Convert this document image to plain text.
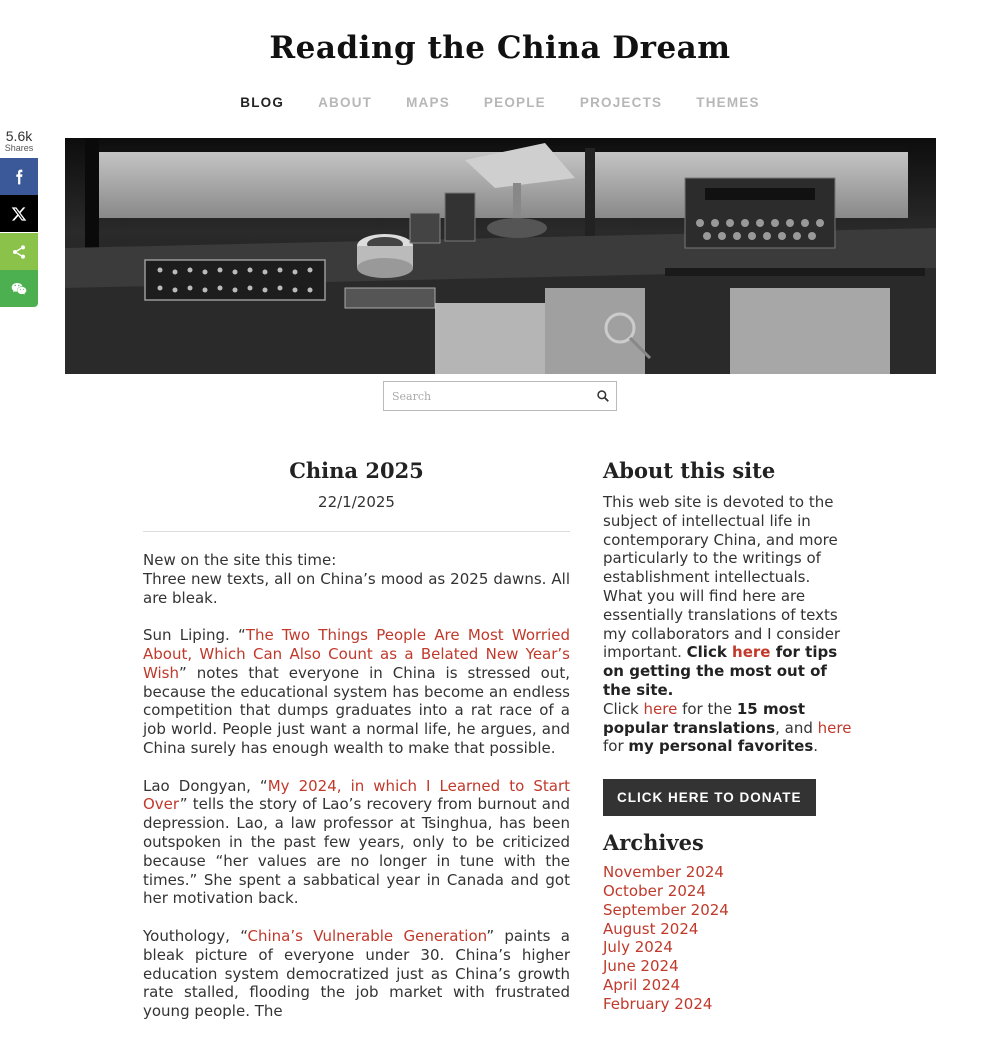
Reading the China Dream
BLOG	ABOUT	MAPS	PEOPLE	PROJECTS	THEMES
5.6k
Shares
Search
China 2025
22/1/2025

New on the site this time:
Three new texts, all on China’s mood as 2025 dawns. All are bleak.

Sun Liping. “The Two Things People Are Most Worried About, Which Can Also Count as a Belated New Year’s Wish” notes that everyone in China is stressed out, because the educational system has become an endless competition that dumps graduates into a rat race of a job world. People just want a normal life, he argues, and China surely has enough wealth to make that possible.

Lao Dongyan, “My 2024, in which I Learned to Start Over” tells the story of Lao’s recovery from burnout and depression. Lao, a law professor at Tsinghua, has been outspoken in the past few years, only to be criticized because “her values are no longer in tune with the times.” She spent a sabbatical year in Canada and got her motivation back.

Youthology, “China’s Vulnerable Generation” paints a bleak picture of everyone under 30. China’s higher education system democratized just as China’s growth rate stalled, flooding the job market with frustrated young people. The

About this site
This web site is devoted to the subject of intellectual life in contemporary China, and more particularly to the writings of establishment intellectuals. What you will find here are essentially translations of texts my collaborators and I consider important. Click here for tips on getting the most out of the site.
Click here for the 15 most popular translations, and here for my personal favorites.
CLICK HERE TO DONATE
Archives
November 2024
October 2024
September 2024
August 2024
July 2024
June 2024
April 2024
February 2024
